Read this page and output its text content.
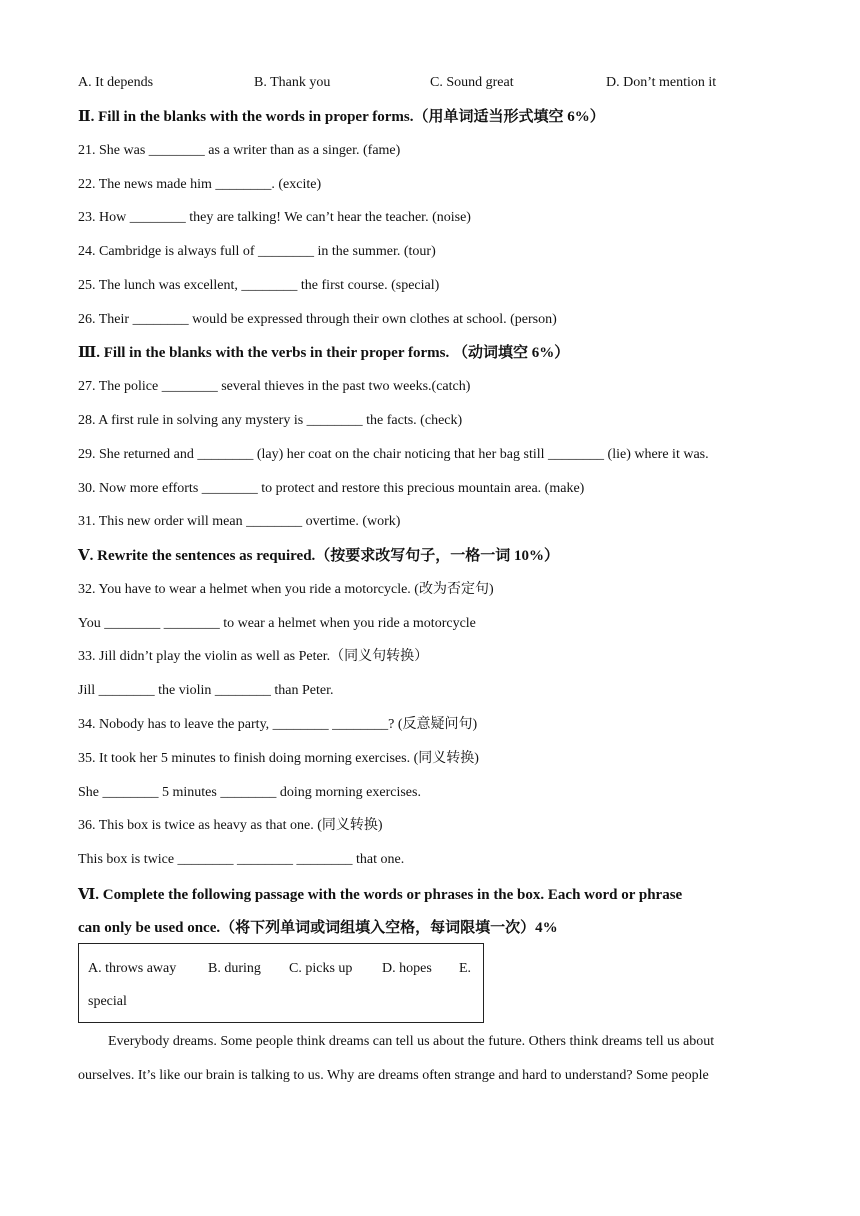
A. It depends	B. Thank you	C. Sound great	D. Don’t mention it
Ⅱ. Fill in the blanks with the words in proper forms.（用单词适当形式填空 6%）
21. She was ________ as a writer than as a singer. (fame)
22. The news made him ________. (excite)
23. How ________ they are talking! We can’t hear the teacher. (noise)
24. Cambridge is always full of ________ in the summer. (tour)
25. The lunch was excellent, ________ the first course. (special)
26. Their ________ would be expressed through their own clothes at school. (person)
Ⅲ. Fill in the blanks with the verbs in their proper forms. （动词填空 6%）
27. The police ________ several thieves in the past two weeks.(catch)
28. A first rule in solving any mystery is ________ the facts. (check)
29. She returned and ________ (lay) her coat on the chair noticing that her bag still ________ (lie) where it was.
30. Now more efforts ________ to protect and restore this precious mountain area. (make)
31. This new order will mean ________ overtime. (work)
Ⅴ. Rewrite the sentences as required.（按要求改写句子，一格一词 10%）
32. You have to wear a helmet when you ride a motorcycle. (改为否定句)
You ________ ________ to wear a helmet when you ride a motorcycle
33. Jill didn’t play the violin as well as Peter.（同义句转换）
Jill ________ the violin ________ than Peter.
34. Nobody has to leave the party, ________ ________? (反意疑问句)
35. It took her 5 minutes to finish doing morning exercises. (同义转换)
She ________ 5 minutes ________ doing morning exercises.
36. This box is twice as heavy as that one. (同义转换)
This box is twice ________ ________ ________ that one.
Ⅵ. Complete the following passage with the words or phrases in the box. Each word or phrase
can only be used once.（将下列单词或词组填入空格，每词限填一次）4%
A. throws away B. during C. picks up D. hopes E.
special
Everybody dreams. Some people think dreams can tell us about the future. Others think dreams tell us about
ourselves. It’s like our brain is talking to us. Why are dreams often strange and hard to understand? Some people
